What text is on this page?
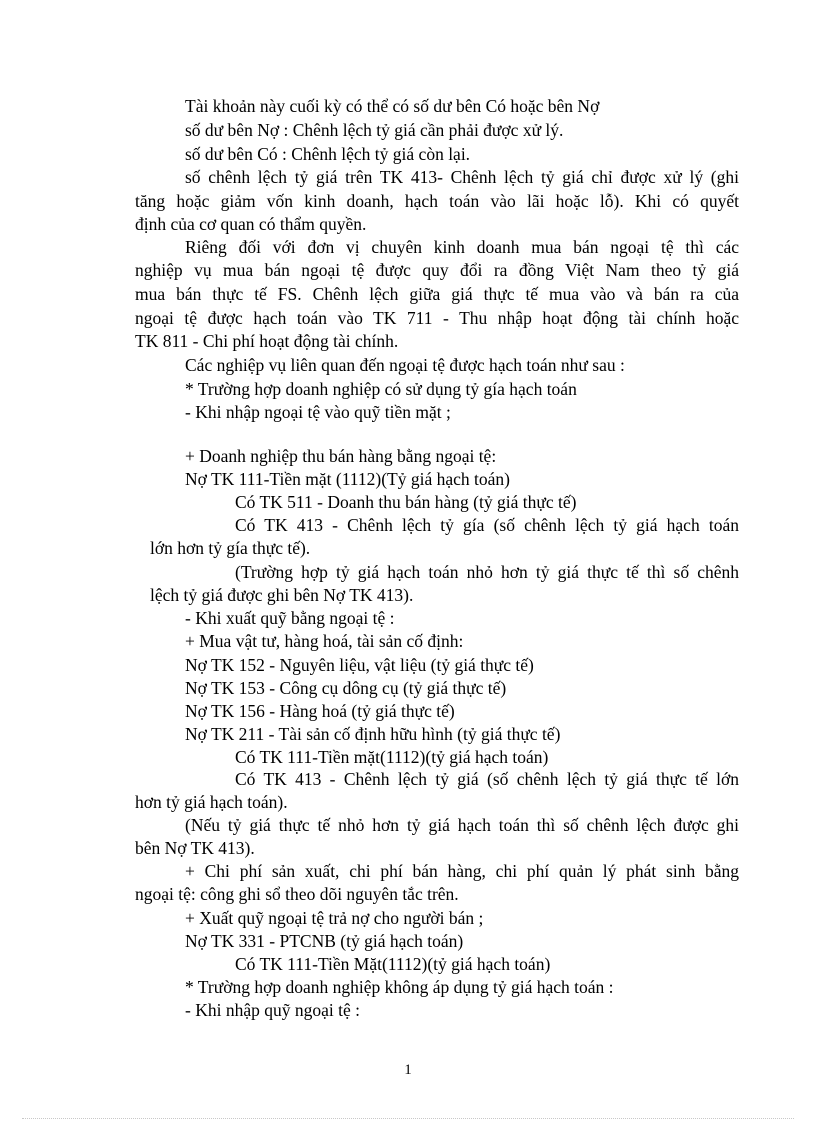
Tài khoản này cuối kỳ có thể có số dư bên Có hoặc bên Nợ
số dư bên Nợ : Chênh lệch tỷ giá cần phải được xử lý.
số dư bên Có : Chênh lệch tỷ giá còn lại.
số chênh lệch tỷ giá trên TK 413- Chênh lệch tỷ giá chỉ được xử lý (ghi
tăng hoặc giảm vốn kinh doanh, hạch toán vào lãi hoặc lỗ). Khi có quyết
định của cơ quan có thẩm quyền.
Riêng đối với đơn vị chuyên kinh doanh mua bán ngoại tệ thì các
nghiệp vụ mua bán ngoại tệ được quy đổi ra đồng Việt Nam theo tỷ giá
mua bán thực tế FS. Chênh lệch giữa giá thực tế mua vào và bán ra của
ngoại tệ được hạch toán vào TK 711 - Thu nhập hoạt động tài chính hoặc
TK 811 - Chi phí hoạt động tài chính.
Các nghiệp vụ liên quan đến ngoại tệ được hạch toán như sau :
* Trường hợp doanh nghiệp có sử dụng tỷ gía hạch toán
- Khi nhập ngoại tệ vào quỹ tiền mặt ;
+ Doanh nghiệp thu bán hàng bằng ngoại tệ:
Nợ TK 111-Tiền mặt (1112)(Tỷ giá hạch toán)
Có TK 511 - Doanh thu bán hàng (tỷ giá thực tế)
Có TK 413 - Chênh lệch tỷ gía (số chênh lệch tỷ giá hạch toán
lớn hơn tỷ gía thực tế).
(Trường hợp tỷ giá hạch toán nhỏ hơn tỷ giá thực tế thì số chênh
lệch tỷ giá được ghi bên Nợ TK 413).
- Khi xuất quỹ bằng ngoại tệ :
+ Mua vật tư, hàng hoá, tài sản cố định:
Nợ TK 152 - Nguyên liệu, vật liệu (tỷ giá thực tế)
Nợ TK 153 - Công cụ dông cụ (tỷ giá thực tế)
Nợ TK 156 - Hàng hoá (tỷ giá thực tế)
Nợ TK 211 - Tài sản cố định hữu hình (tỷ giá thực tế)
Có TK 111-Tiền mặt(1112)(tỷ giá hạch toán)
Có TK 413 - Chênh lệch tỷ giá (số chênh lệch tỷ giá thực tế lớn
hơn tỷ giá hạch toán).
(Nếu tỷ giá thực tế nhỏ hơn tỷ giá hạch toán thì số chênh lệch được ghi
bên Nợ TK 413).
+ Chi phí sản xuất, chi phí bán hàng, chi phí quản lý phát sinh bằng
ngoại tệ: công ghi sổ theo dõi nguyên tắc trên.
+ Xuất quỹ ngoại tệ trả nợ cho người bán ;
Nợ TK 331 - PTCNB (tỷ giá hạch toán)
Có TK 111-Tiền Mặt(1112)(tỷ giá hạch toán)
* Trường hợp doanh nghiệp không áp dụng tỷ giá hạch toán :
- Khi nhập quỹ ngoại tệ :
1
